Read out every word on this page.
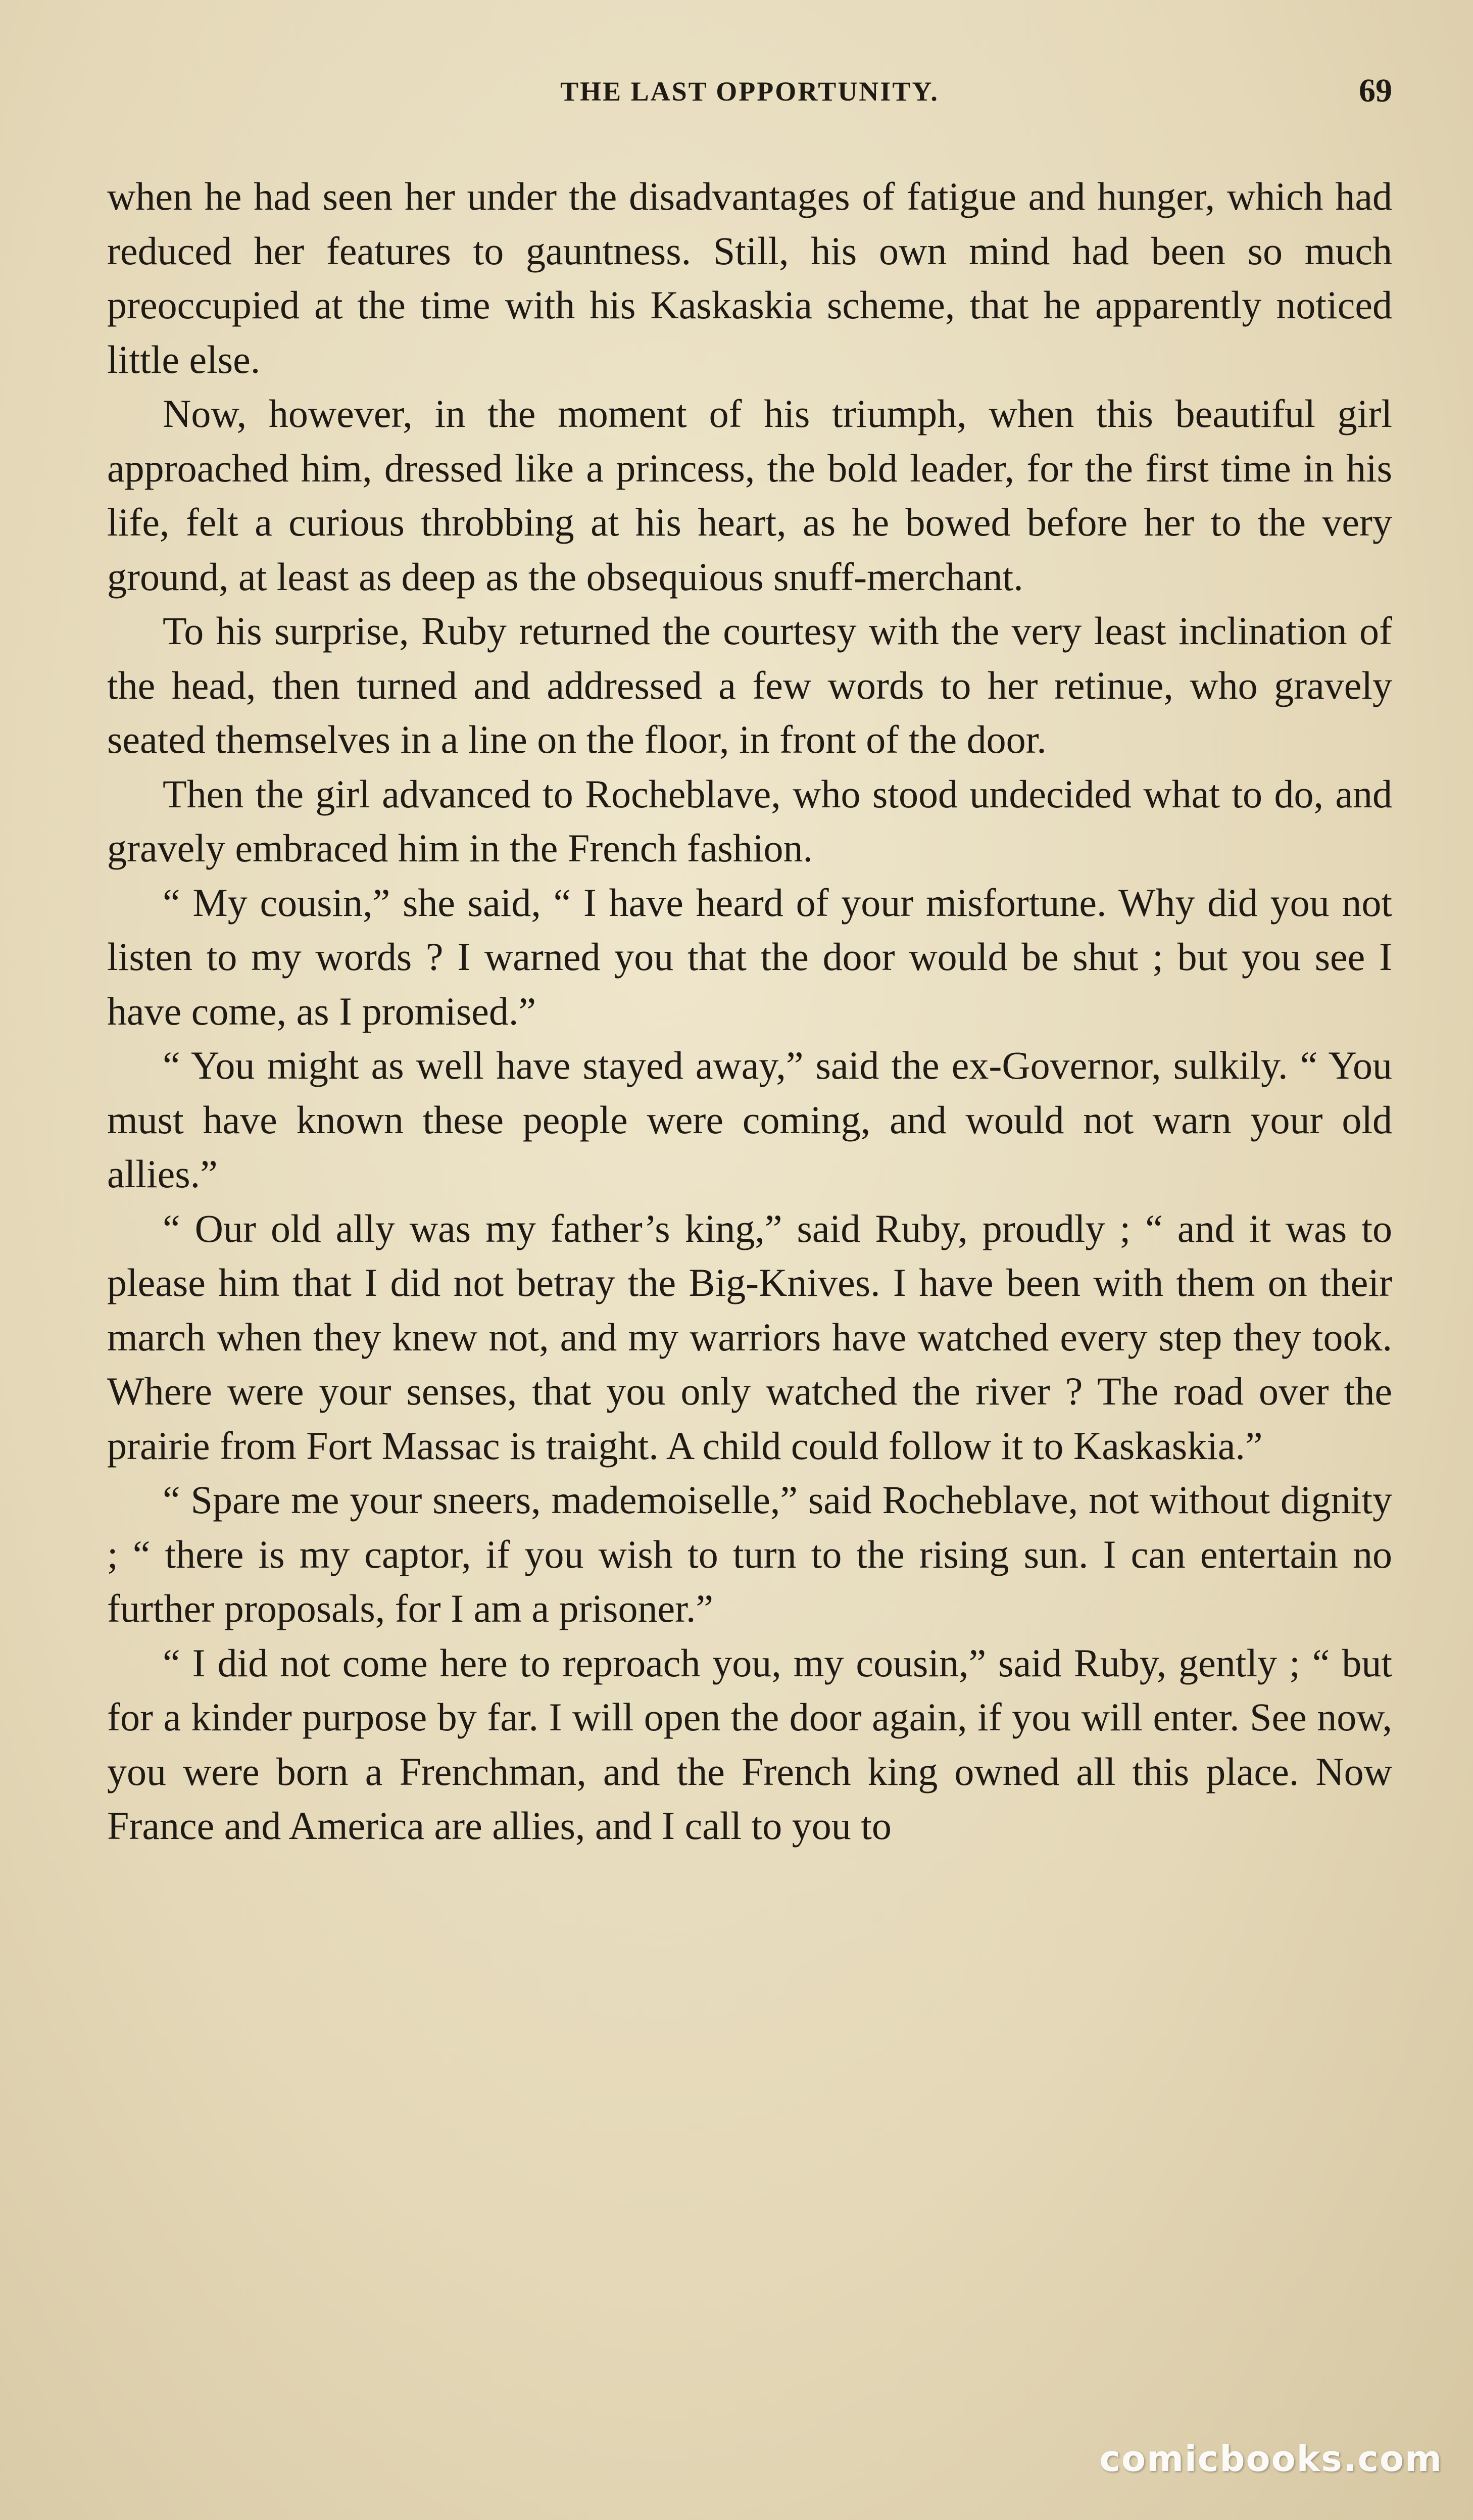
THE LAST OPPORTUNITY.	69

when he had seen her under the disadvantages of fatigue and hunger, which had reduced her features to gauntness. Still, his own mind had been so much preoccupied at the time with his Kaskaskia scheme, that he apparently noticed little else.

Now, however, in the moment of his triumph, when this beautiful girl approached him, dressed like a princess, the bold leader, for the first time in his life, felt a curious throbbing at his heart, as he bowed before her to the very ground, at least as deep as the obsequious snuff-merchant.

To his surprise, Ruby returned the courtesy with the very least inclination of the head, then turned and addressed a few words to her retinue, who gravely seated themselves in a line on the floor, in front of the door.

Then the girl advanced to Rocheblave, who stood undecided what to do, and gravely embraced him in the French fashion.

“ My cousin,” she said, “ I have heard of your misfortune. Why did you not listen to my words ? I warned you that the door would be shut ; but you see I have come, as I promised.”

“ You might as well have stayed away,” said the ex-Governor, sulkily. “ You must have known these people were coming, and would not warn your old allies.”

“ Our old ally was my father’s king,” said Ruby, proudly ; “ and it was to please him that I did not betray the Big-Knives. I have been with them on their march when they knew not, and my warriors have watched every step they took. Where were your senses, that you only watched the river ? The road over the prairie from Fort Massac is traight. A child could follow it to Kaskaskia.”

“ Spare me your sneers, mademoiselle,” said Rocheblave, not without dignity ; “ there is my captor, if you wish to turn to the rising sun. I can entertain no further proposals, for I am a prisoner.”

“ I did not come here to reproach you, my cousin,” said Ruby, gently ; “ but for a kinder purpose by far. I will open the door again, if you will enter. See now, you were born a Frenchman, and the French king owned all this place. Now France and America are allies, and I call to you to

comicbooks.com
